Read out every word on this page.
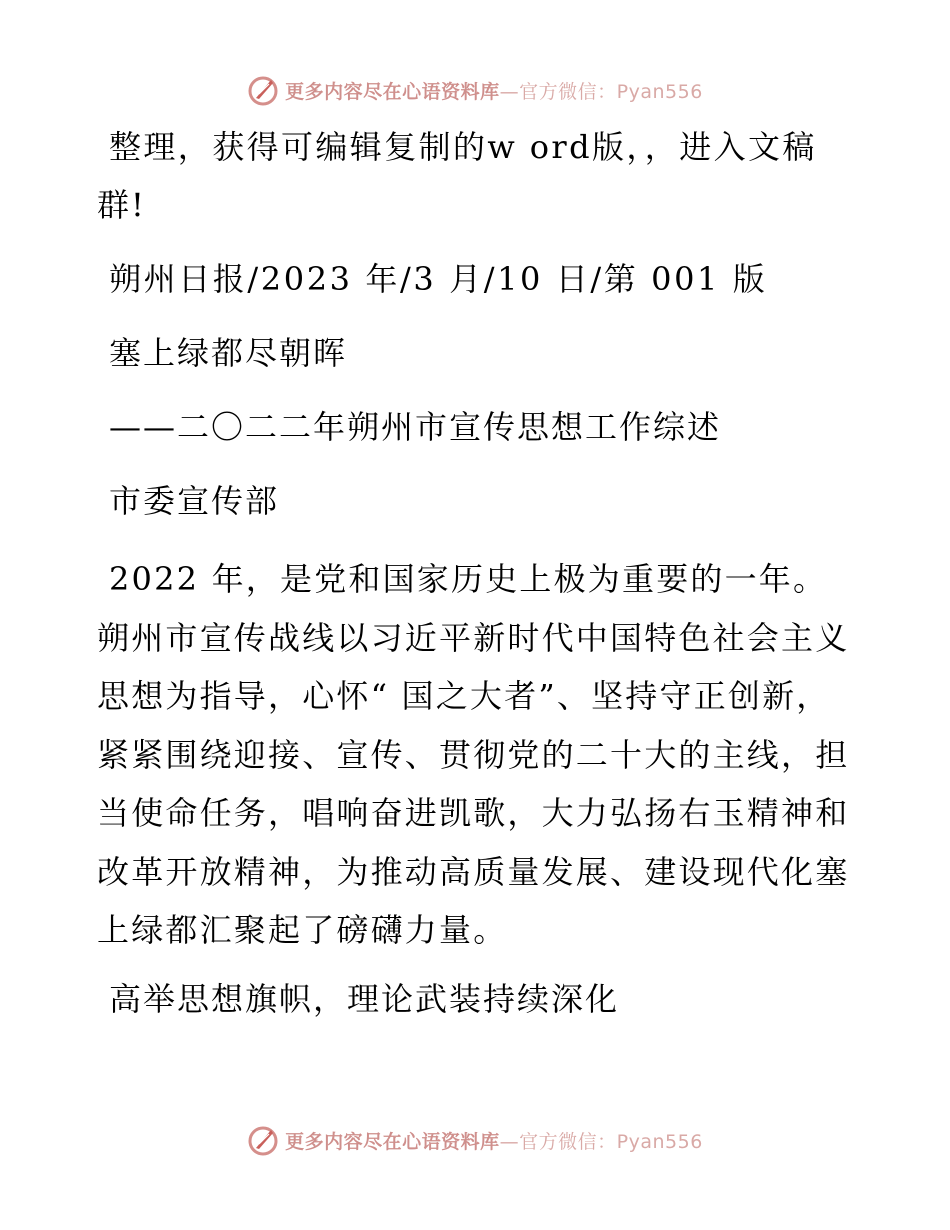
更多内容尽在心语资料库—官方微信：Pyan556

整理，获得可编辑复制的w ord版，，进入文稿

群!

朔州日报/2023 年/3 月/10 日/第 001 版

塞上绿都尽朝晖

——二〇二二年朔州市宣传思想工作综述

市委宣传部

2022 年，是党和国家历史上极为重要的一年。朔州市宣传战线以习近平新时代中国特色社会主义思想为指导，心怀“ 国之大者”、坚持守正创新，紧紧围绕迎接、宣传、贯彻党的二十大的主线，担当使命任务，唱响奋进凯歌，大力弘扬右玉精神和改革开放精神，为推动高质量发展、建设现代化塞上绿都汇聚起了磅礴力量。

高举思想旗帜，理论武装持续深化

更多内容尽在心语资料库—官方微信：Pyan556
